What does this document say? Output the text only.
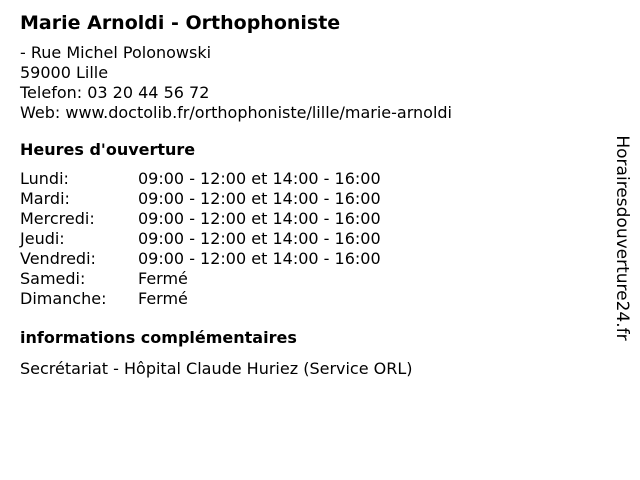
Marie Arnoldi - Orthophoniste
- Rue Michel Polonowski
59000 Lille
Telefon: 03 20 44 56 72
Web: www.doctolib.fr/orthophoniste/lille/marie-arnoldi
Heures d'ouverture
Lundi:	09:00 - 12:00 et 14:00 - 16:00
Mardi:	09:00 - 12:00 et 14:00 - 16:00
Mercredi:	09:00 - 12:00 et 14:00 - 16:00
Jeudi:	09:00 - 12:00 et 14:00 - 16:00
Vendredi:	09:00 - 12:00 et 14:00 - 16:00
Samedi:	Fermé
Dimanche:	Fermé
informations complémentaires
Secrétariat - Hôpital Claude Huriez (Service ORL)
Horairesdouverture24.fr
